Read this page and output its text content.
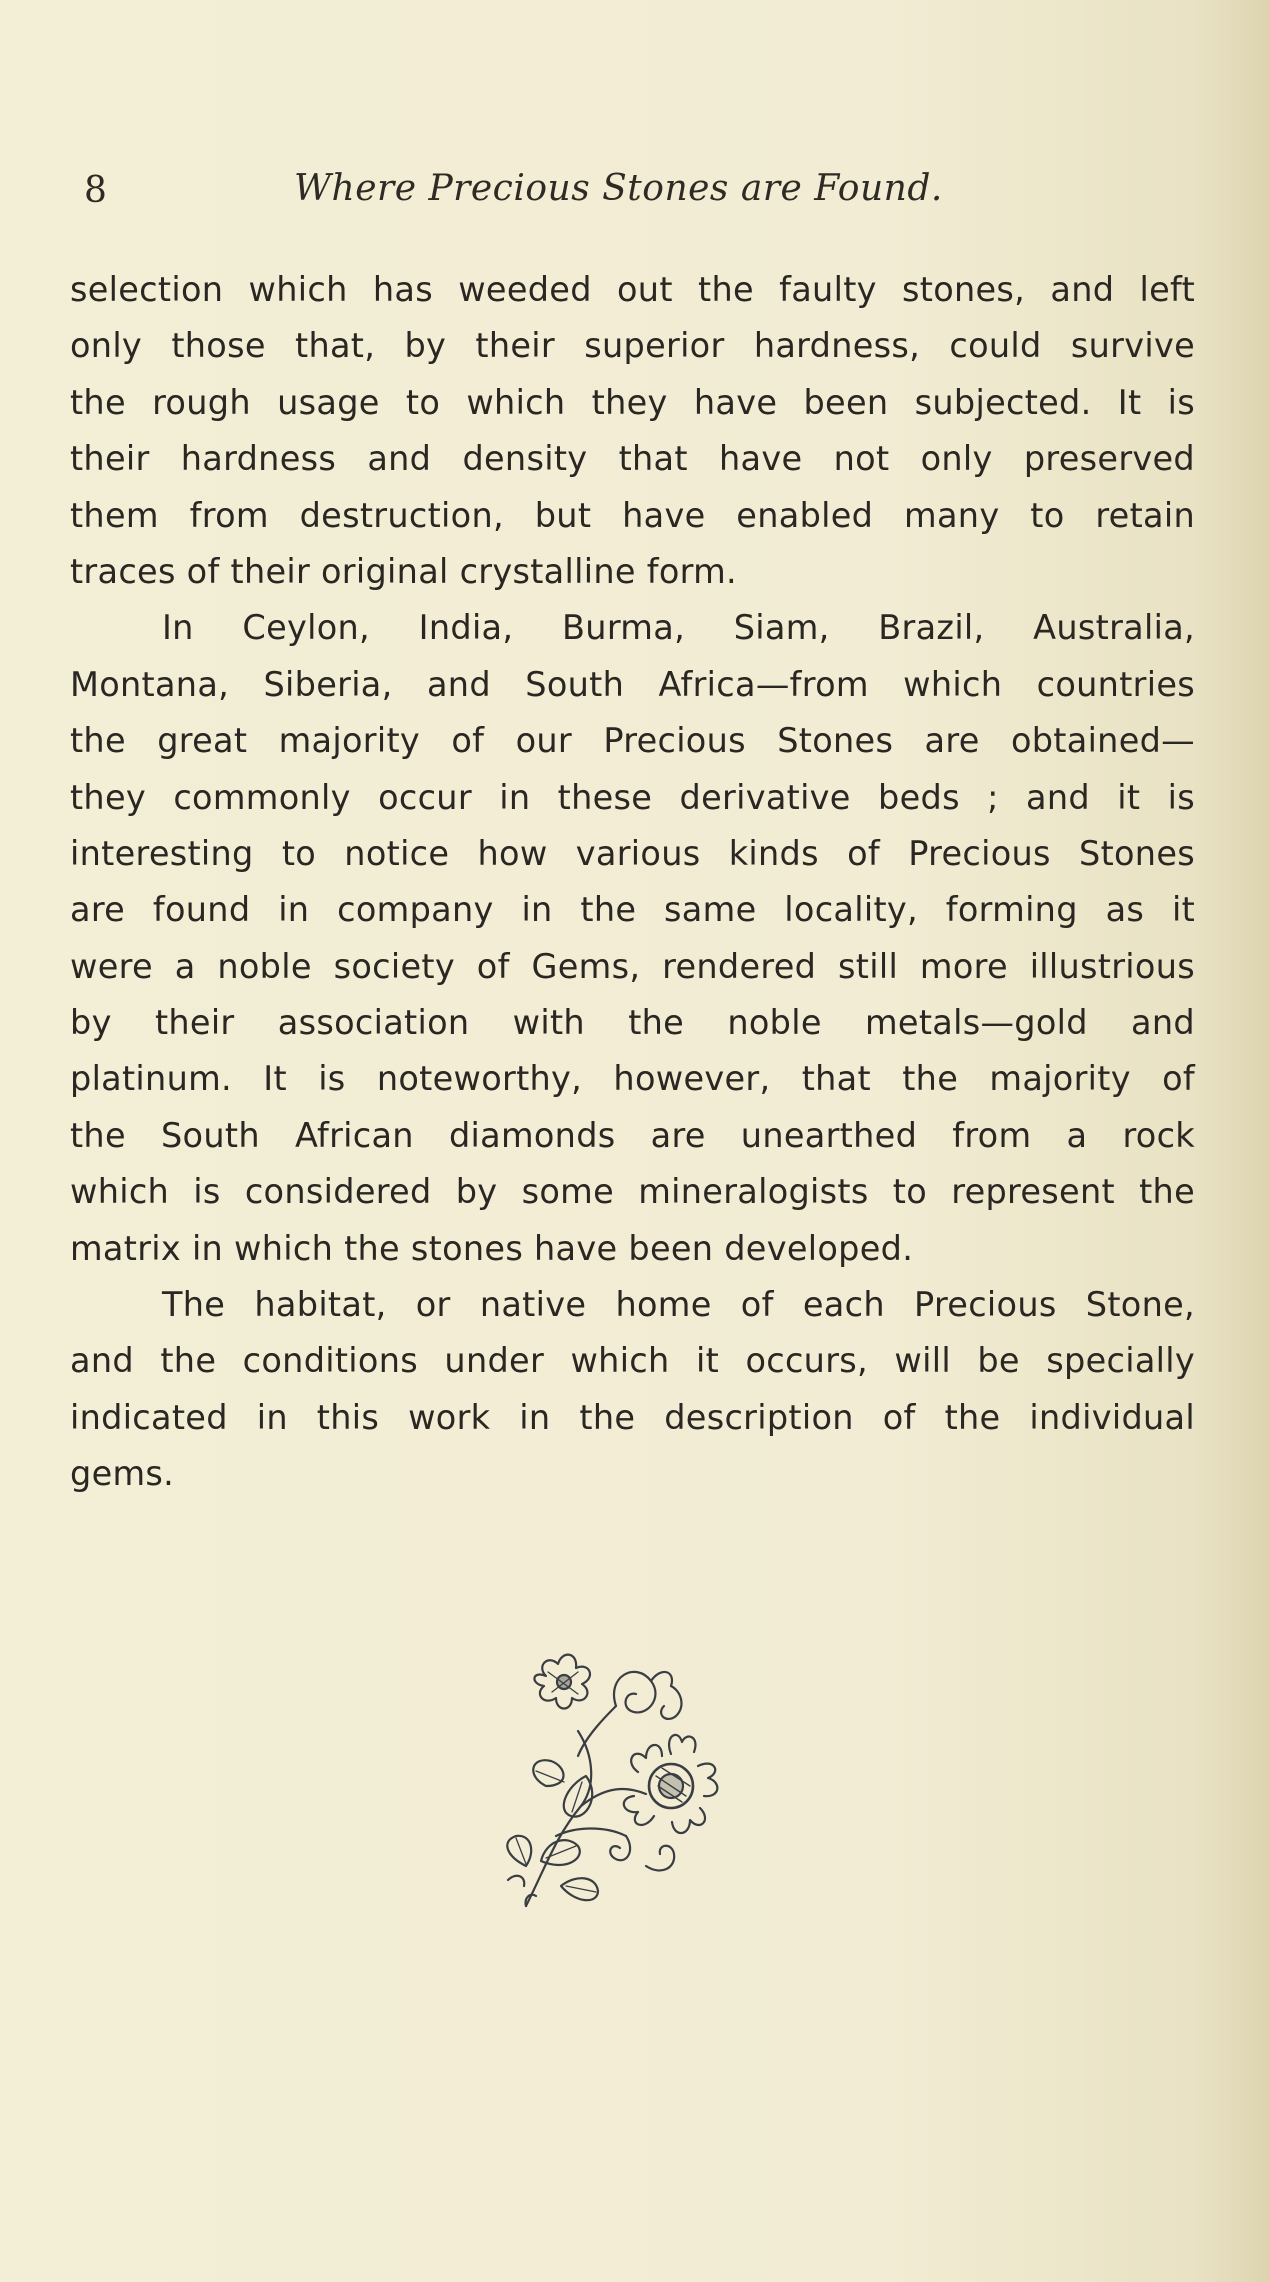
8	Where Precious Stones are Found.
selection which has weeded out the faulty stones, and left
only those that, by their superior hardness, could survive
the rough usage to which they have been subjected. It is
their hardness and density that have not only preserved
them from destruction, but have enabled many to retain
traces of their original crystalline form.
In Ceylon, India, Burma, Siam, Brazil, Australia,
Montana, Siberia, and South Africa—from which countries
the great majority of our Precious Stones are obtained—
they commonly occur in these derivative beds ; and it is
interesting to notice how various kinds of Precious Stones
are found in company in the same locality, forming as it
were a noble society of Gems, rendered still more illustrious
by their association with the noble metals—gold and
platinum. It is noteworthy, however, that the majority of
the South African diamonds are unearthed from a rock
which is considered by some mineralogists to represent the
matrix in which the stones have been developed.
The habitat, or native home of each Precious Stone,
and the conditions under which it occurs, will be specially
indicated in this work in the description of the individual
gems.
